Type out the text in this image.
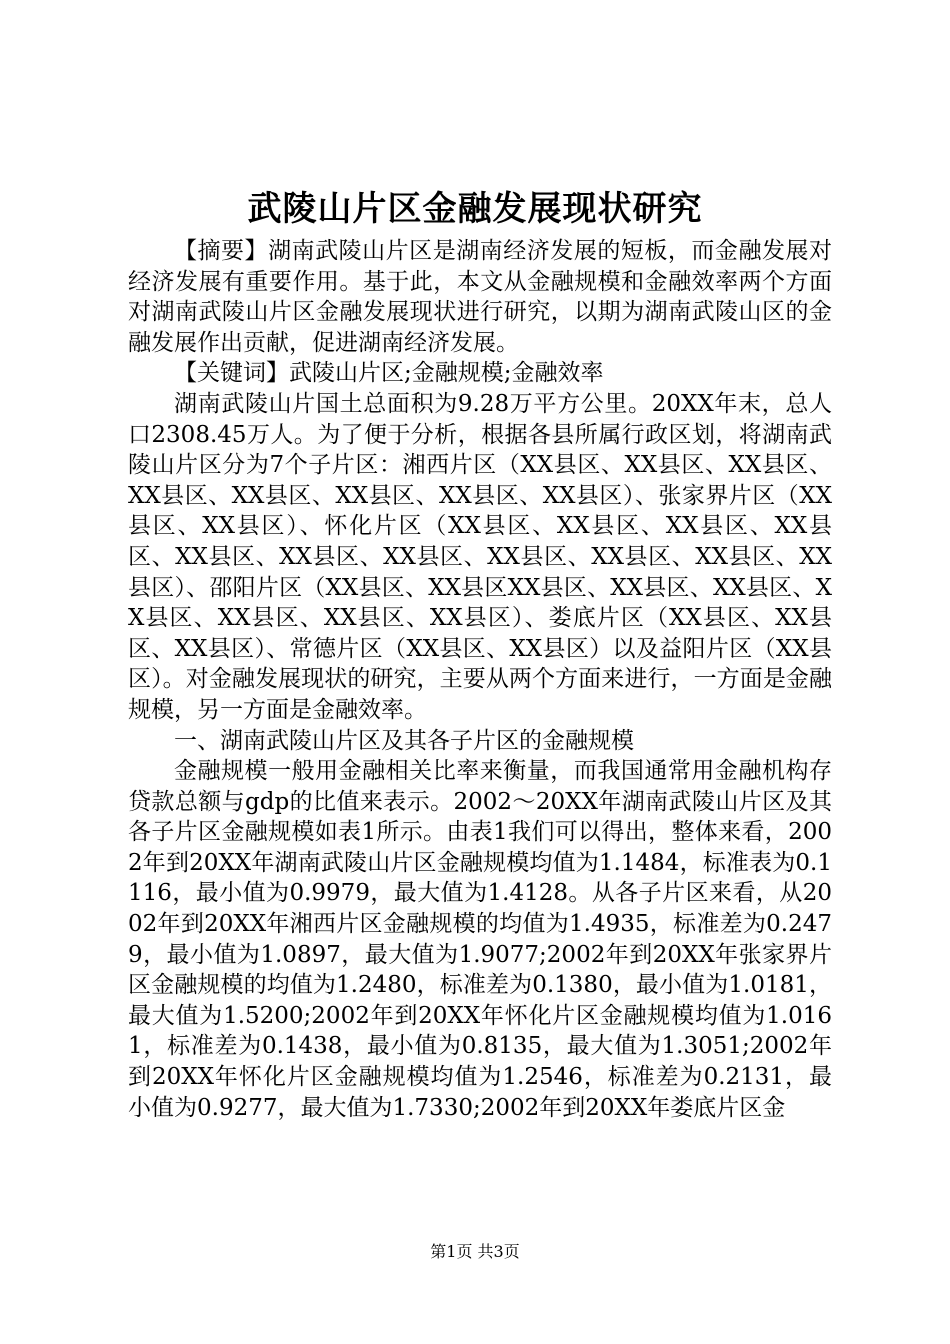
武陵山片区金融发展现状研究

【摘要】湖南武陵山片区是湖南经济发展的短板，而金融发展对经济发展有重要作用。基于此，本文从金融规模和金融效率两个方面对湖南武陵山片区金融发展现状进行研究，以期为湖南武陵山区的金融发展作出贡献，促进湖南经济发展。

【关键词】武陵山片区;金融规模;金融效率

湖南武陵山片国土总面积为9.28万平方公里。20XX年末，总人口2308.45万人。为了便于分析，根据各县所属行政区划，将湖南武陵山片区分为7个子片区：湘西片区（XX县区、XX县区、XX县区、XX县区、XX县区、XX县区、XX县区、XX县区）、张家界片区（XX县区、XX县区）、怀化片区（XX县区、XX县区、XX县区、XX县区、XX县区、XX县区、XX县区、XX县区、XX县区、XX县区、XX县区）、邵阳片区（XX县区、XX县区XX县区、XX县区、XX县区、XX县区、XX县区、XX县区、XX县区）、娄底片区（XX县区、XX县区、XX县区）、常德片区（XX县区、XX县区）以及益阳片区（XX县区）。对金融发展现状的研究，主要从两个方面来进行，一方面是金融规模，另一方面是金融效率。

一、湖南武陵山片区及其各子片区的金融规模

金融规模一般用金融相关比率来衡量，而我国通常用金融机构存贷款总额与gdp的比值来表示。2002～20XX年湖南武陵山片区及其各子片区金融规模如表1所示。由表1我们可以得出，整体来看，2002年到20XX年湖南武陵山片区金融规模均值为1.1484，标准表为0.1116，最小值为0.9979，最大值为1.4128。从各子片区来看，从2002年到20XX年湘西片区金融规模的均值为1.4935，标准差为0.2479，最小值为1.0897，最大值为1.9077;2002年到20XX年张家界片区金融规模的均值为1.2480，标准差为0.1380，最小值为1.0181，最大值为1.5200;2002年到20XX年怀化片区金融规模均值为1.0161，标准差为0.1438，最小值为0.8135，最大值为1.3051;2002年到20XX年怀化片区金融规模均值为1.2546，标准差为0.2131，最小值为0.9277，最大值为1.7330;2002年到20XX年娄底片区金

第1页 共3页
